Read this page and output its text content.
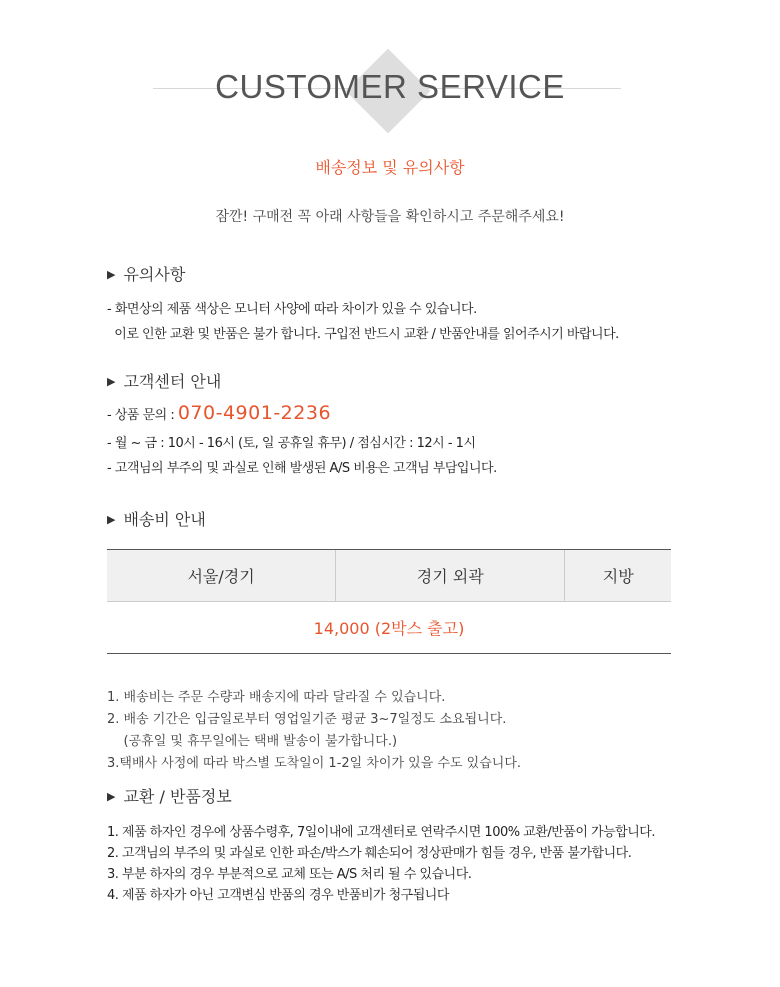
CUSTOMER SERVICE
배송정보 및 유의사항
잠깐! 구매전 꼭 아래 사항들을 확인하시고 주문해주세요!
▶ 유의사항
- 화면상의 제품 색상은 모니터 사양에 따라 차이가 있을 수 있습니다.
이로 인한 교환 및 반품은 불가 합니다. 구입전 반드시 교환 / 반품안내를 읽어주시기 바랍니다.
▶ 고객센터 안내
- 상품 문의 : 070-4901-2236
- 월 ~ 금 : 10시 - 16시 (토, 일 공휴일 휴무) / 점심시간 : 12시 - 1시
- 고객님의 부주의 및 과실로 인해 발생된 A/S 비용은 고객님 부담입니다.
▶ 배송비 안내
서울/경기	경기 외곽	지방
14,000 (2박스 출고)
1. 배송비는 주문 수량과 배송지에 따라 달라질 수 있습니다.
2. 배송 기간은 입금일로부터 영업일기준 평균 3~7일정도 소요됩니다.
(공휴일 및 휴무일에는 택배 발송이 불가합니다.)
3.택배사 사정에 따라 박스별 도착일이 1-2일 차이가 있을 수도 있습니다.
▶ 교환 / 반품정보
1. 제품 하자인 경우에 상품수령후, 7일이내에 고객센터로 연락주시면 100% 교환/반품이 가능합니다.
2. 고객님의 부주의 및 과실로 인한 파손/박스가 훼손되어 정상판매가 힘들 경우, 반품 불가합니다.
3. 부분 하자의 경우 부분적으로 교체 또는 A/S 처리 될 수 있습니다.
4. 제품 하자가 아닌 고객변심 반품의 경우 반품비가 청구됩니다
